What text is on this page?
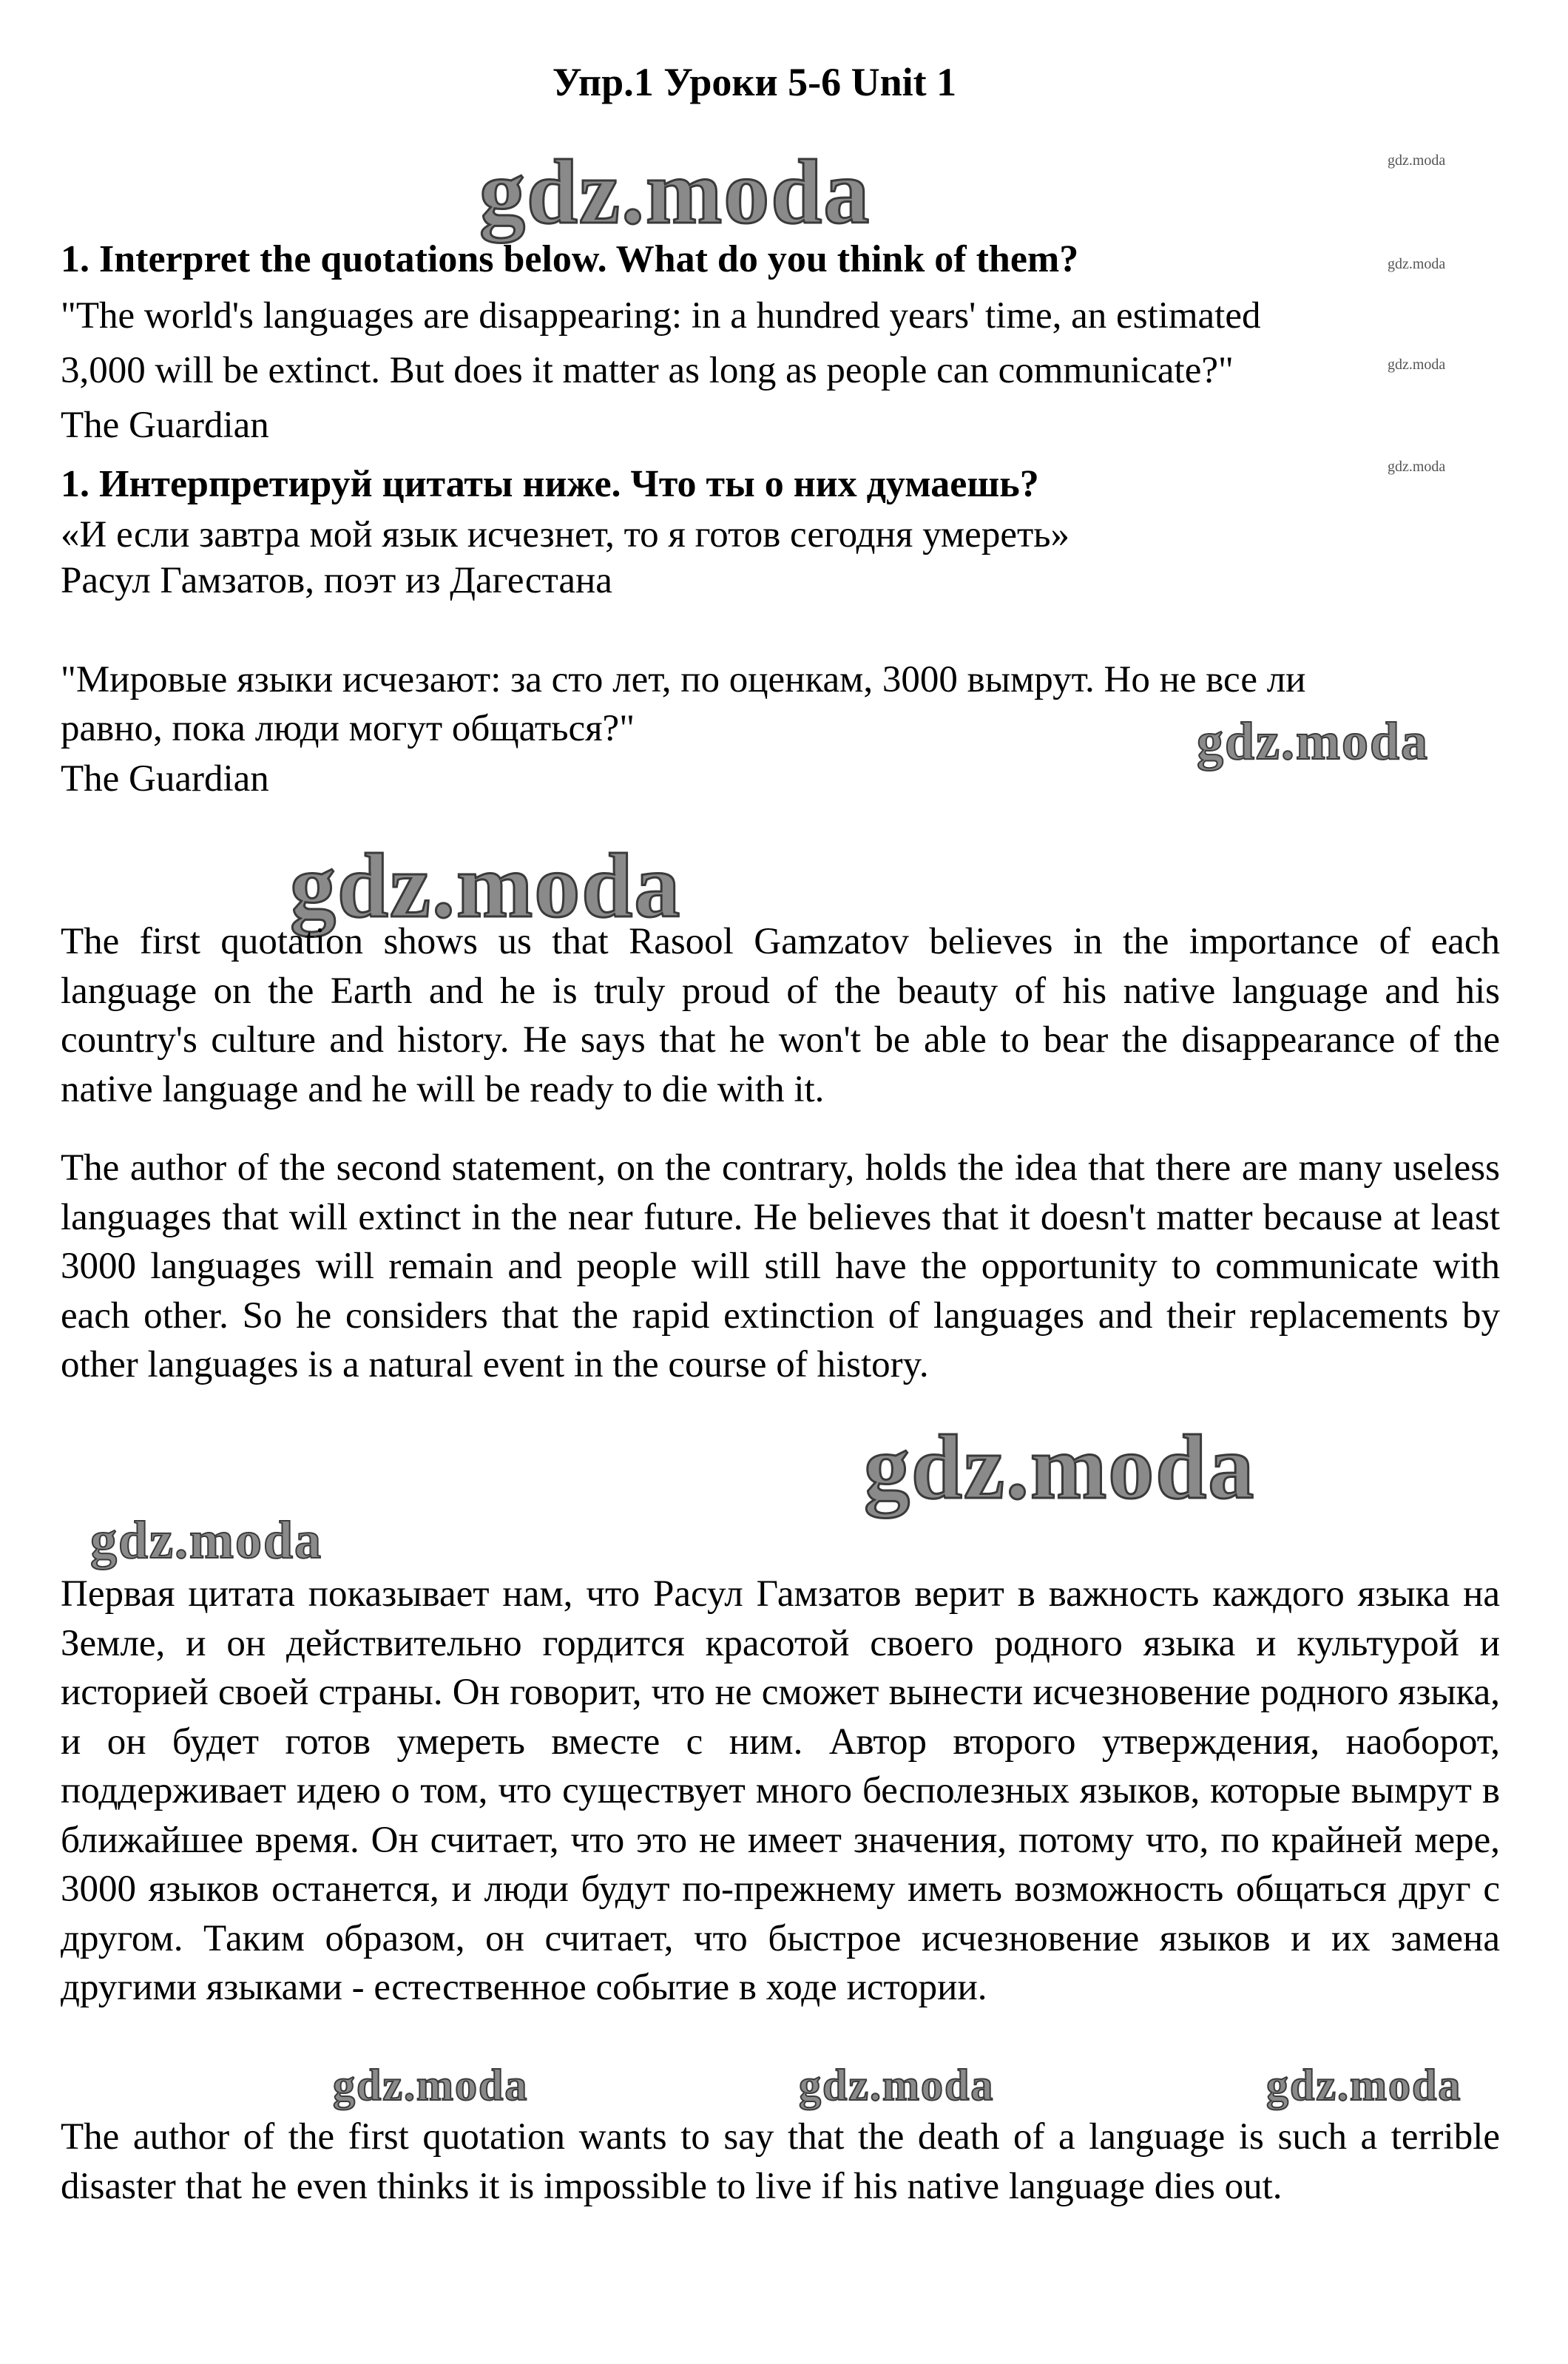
Упр.1 Уроки 5-6 Unit 1
gdz.moda
gdz.moda
gdz.moda
gdz.moda
gdz.moda
1. Interpret the quotations below. What do you think of them?
"The world's languages are disappearing: in a hundred years' time, an estimated
3,000 will be extinct. But does it matter as long as people can communicate?"
The Guardian
1. Интерпретируй цитаты ниже. Что ты о них думаешь?
«И если завтра мой язык исчезнет, то я готов сегодня умереть»
Расул Гамзатов, поэт из Дагестана
"Мировые языки исчезают: за сто лет, по оценкам, 3000 вымрут. Но не все ли
равно, пока люди могут общаться?"
The Guardian
gdz.moda
gdz.moda

The first quotation shows us that Rasool Gamzatov believes in the importance of each language on the Earth and he is truly proud of the beauty of his native language and his country's culture and history. He says that he won't be able to bear the disappearance of the native language and he will be ready to die with it.

The author of the second statement, on the contrary, holds the idea that there are many useless languages that will extinct in the near future. He believes that it doesn't matter because at least 3000 languages will remain and people will still have the opportunity to communicate with each other. So he considers that the rapid extinction of languages and their replacements by other languages is a natural event in the course of history.

gdz.moda
gdz.moda

Первая цитата показывает нам, что Расул Гамзатов верит в важность каждого языка на Земле, и он действительно гордится красотой своего родного языка и культурой и историей своей страны. Он говорит, что не сможет вынести исчезновение родного языка, и он будет готов умереть вместе с ним. Автор второго утверждения, наоборот, поддерживает идею о том, что существует много бесполезных языков, которые вымрут в ближайшее время. Он считает, что это не имеет значения, потому что, по крайней мере, 3000 языков останется, и люди будут по-прежнему иметь возможность общаться друг с другом. Таким образом, он считает, что быстрое исчезновение языков и их замена другими языками - естественное событие в ходе истории.

gdz.moda	gdz.moda	gdz.moda

The author of the first quotation wants to say that the death of a language is such a terrible disaster that he even thinks it is impossible to live if his native language dies out.
